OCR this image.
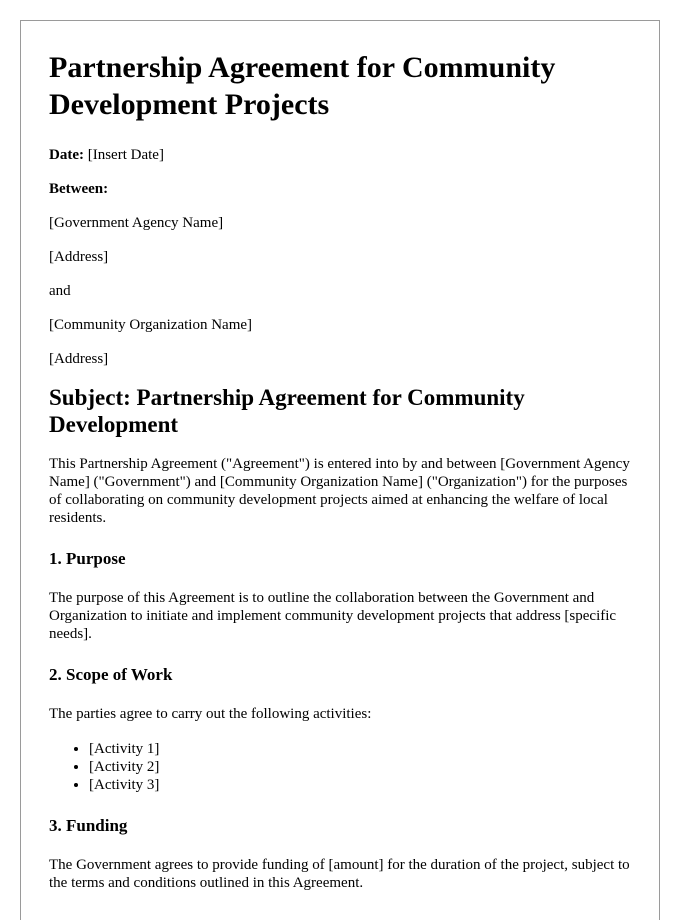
Partnership Agreement for Community Development Projects

Date: [Insert Date]

Between:

[Government Agency Name]

[Address]

and

[Community Organization Name]

[Address]

Subject: Partnership Agreement for Community Development

This Partnership Agreement ("Agreement") is entered into by and between [Government Agency Name] ("Government") and [Community Organization Name] ("Organization") for the purposes of collaborating on community development projects aimed at enhancing the welfare of local residents.

1. Purpose

The purpose of this Agreement is to outline the collaboration between the Government and Organization to initiate and implement community development projects that address [specific needs].

2. Scope of Work

The parties agree to carry out the following activities:

• [Activity 1]
• [Activity 2]
• [Activity 3]
3. Funding

The Government agrees to provide funding of [amount] for the duration of the project, subject to the terms and conditions outlined in this Agreement.
